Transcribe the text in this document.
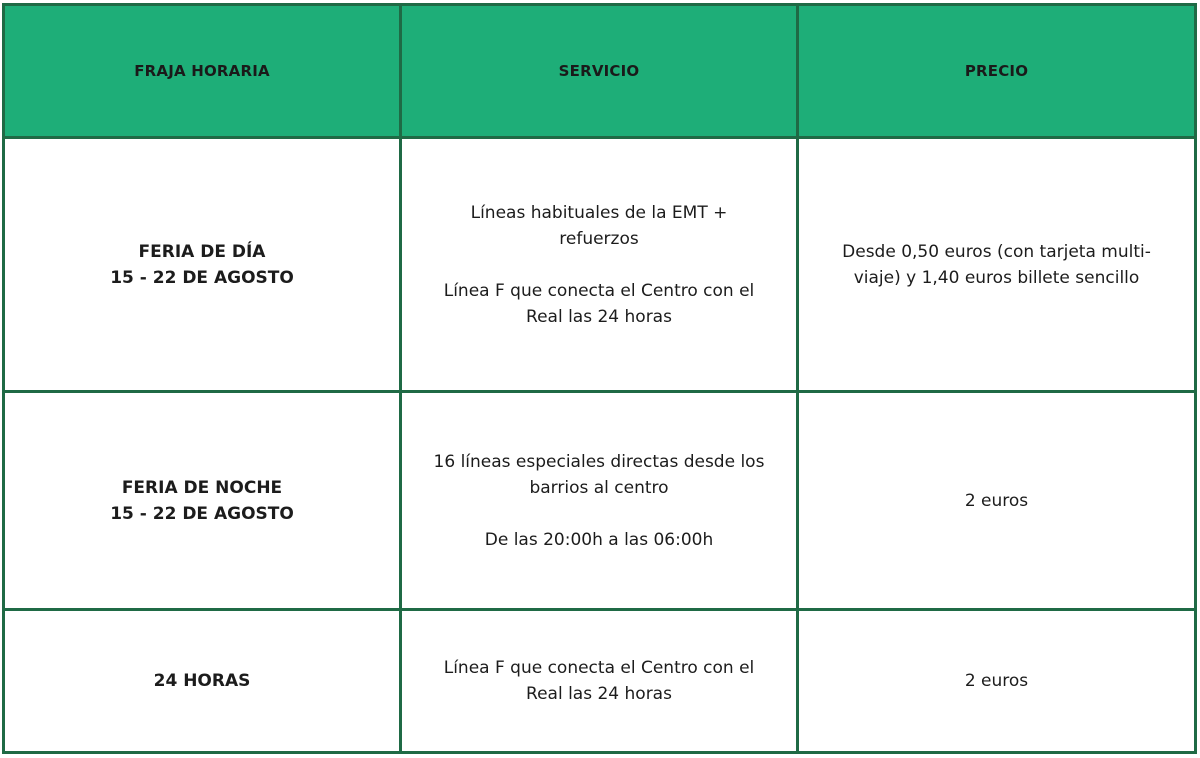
FRAJA HORARIA	SERVICIO	PRECIO
FERIA DE DÍA
15 - 22 DE AGOSTO
Líneas habituales de la EMT + refuerzos
Línea F que conecta el Centro con el
Real las 24 horas
Desde 0,50 euros (con tarjeta multi-
viaje) y 1,40 euros billete sencillo
FERIA DE NOCHE
15 - 22 DE AGOSTO
16 líneas especiales directas desde los
barrios al centro
De las 20:00h a las 06:00h
2 euros
24 HORAS
Línea F que conecta el Centro con el
Real las 24 horas
2 euros
